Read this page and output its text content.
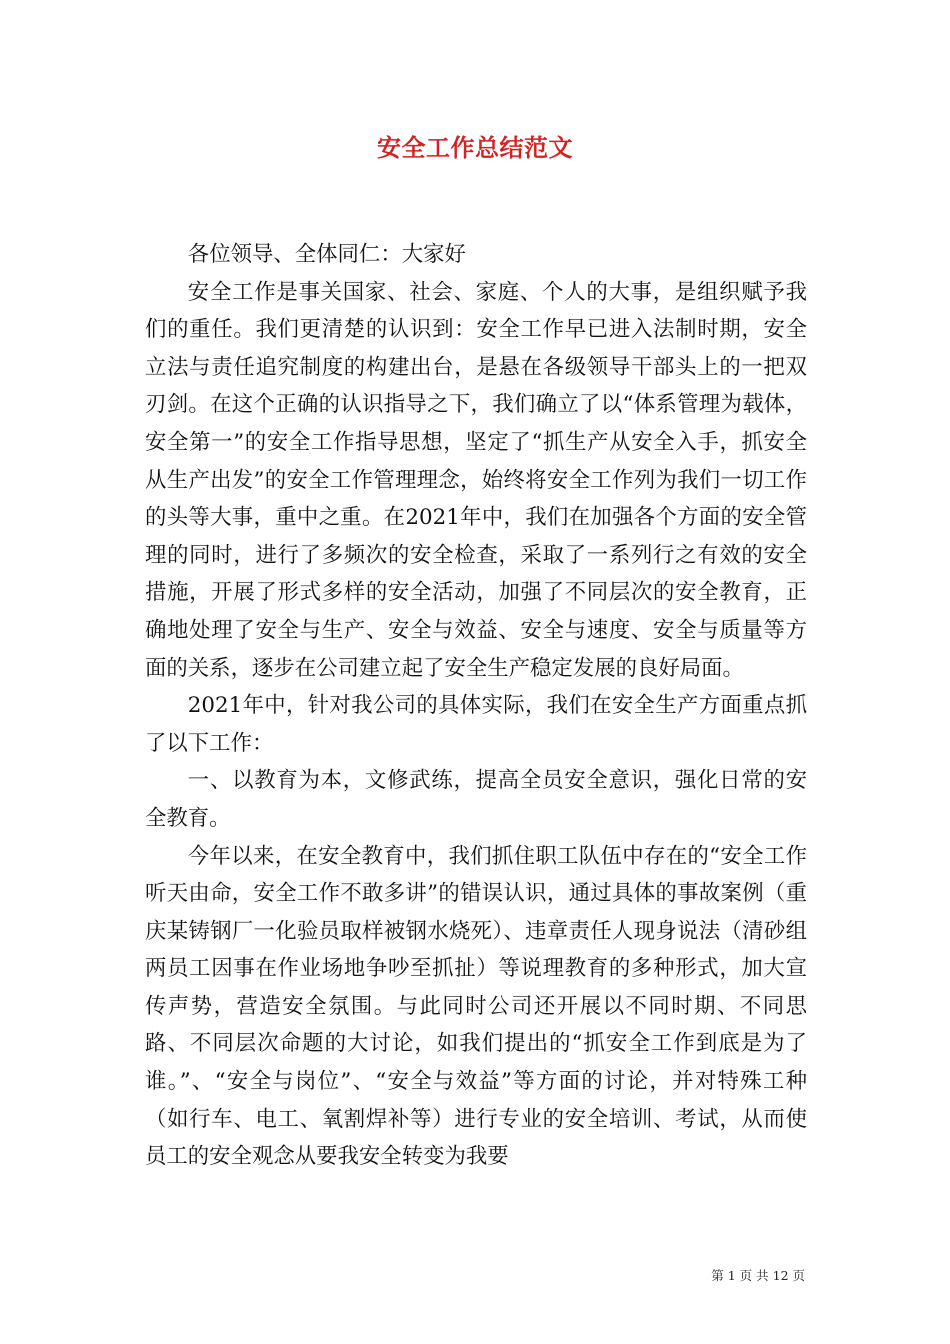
安全工作总结范文

各位领导、全体同仁：大家好

安全工作是事关国家、社会、家庭、个人的大事，是组织赋予我们的重任。我们更清楚的认识到：安全工作早已进入法制时期，安全立法与责任追究制度的构建出台，是悬在各级领导干部头上的一把双刃剑。在这个正确的认识指导之下，我们确立了以“体系管理为载体，安全第一”的安全工作指导思想，坚定了“抓生产从安全入手，抓安全从生产出发”的安全工作管理理念，始终将安全工作列为我们一切工作的头等大事，重中之重。在2021年中，我们在加强各个方面的安全管理的同时，进行了多频次的安全检查，采取了一系列行之有效的安全措施，开展了形式多样的安全活动，加强了不同层次的安全教育，正确地处理了安全与生产、安全与效益、安全与速度、安全与质量等方面的关系，逐步在公司建立起了安全生产稳定发展的良好局面。

2021年中，针对我公司的具体实际，我们在安全生产方面重点抓了以下工作：

一、以教育为本，文修武练，提高全员安全意识，强化日常的安全教育。

今年以来，在安全教育中，我们抓住职工队伍中存在的“安全工作听天由命，安全工作不敢多讲”的错误认识，通过具体的事故案例（重庆某铸钢厂一化验员取样被钢水烧死）、违章责任人现身说法（清砂组两员工因事在作业场地争吵至抓扯）等说理教育的多种形式，加大宣传声势，营造安全氛围。与此同时公司还开展以不同时期、不同思路、不同层次命题的大讨论，如我们提出的“抓安全工作到底是为了谁。”、“安全与岗位”、“安全与效益”等方面的讨论，并对特殊工种（如行车、电工、氧割焊补等）进行专业的安全培训、考试，从而使员工的安全观念从要我安全转变为我要

第 1 页 共 12 页
